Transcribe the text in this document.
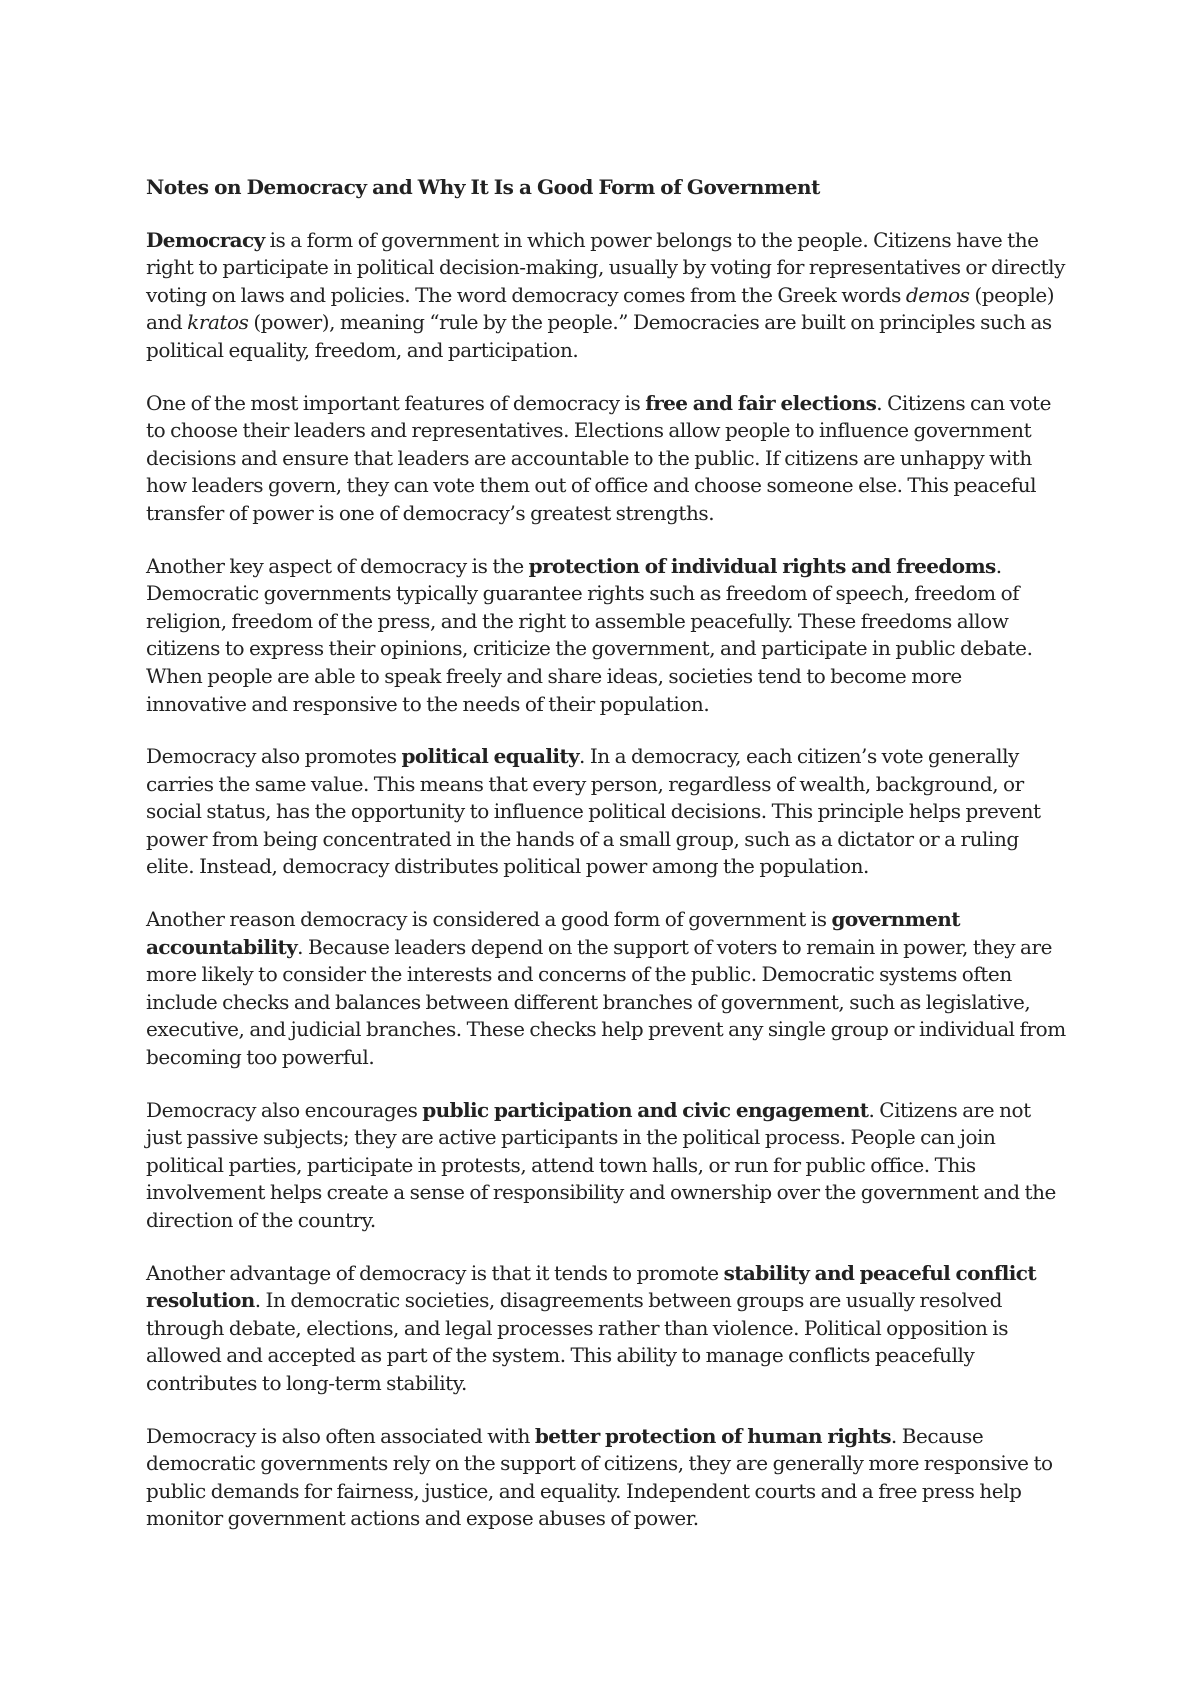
Notes on Democracy and Why It Is a Good Form of Government

Democracy is a form of government in which power belongs to the people. Citizens have the right to participate in political decision-making, usually by voting for representatives or directly voting on laws and policies. The word democracy comes from the Greek words demos (people) and kratos (power), meaning “rule by the people.” Democracies are built on principles such as political equality, freedom, and participation.

One of the most important features of democracy is free and fair elections. Citizens can vote to choose their leaders and representatives. Elections allow people to influence government decisions and ensure that leaders are accountable to the public. If citizens are unhappy with how leaders govern, they can vote them out of office and choose someone else. This peaceful transfer of power is one of democracy’s greatest strengths.

Another key aspect of democracy is the protection of individual rights and freedoms. Democratic governments typically guarantee rights such as freedom of speech, freedom of religion, freedom of the press, and the right to assemble peacefully. These freedoms allow citizens to express their opinions, criticize the government, and participate in public debate. When people are able to speak freely and share ideas, societies tend to become more innovative and responsive to the needs of their population.

Democracy also promotes political equality. In a democracy, each citizen’s vote generally carries the same value. This means that every person, regardless of wealth, background, or social status, has the opportunity to influence political decisions. This principle helps prevent power from being concentrated in the hands of a small group, such as a dictator or a ruling elite. Instead, democracy distributes political power among the population.

Another reason democracy is considered a good form of government is government accountability. Because leaders depend on the support of voters to remain in power, they are more likely to consider the interests and concerns of the public. Democratic systems often include checks and balances between different branches of government, such as legislative, executive, and judicial branches. These checks help prevent any single group or individual from becoming too powerful.

Democracy also encourages public participation and civic engagement. Citizens are not just passive subjects; they are active participants in the political process. People can join political parties, participate in protests, attend town halls, or run for public office. This involvement helps create a sense of responsibility and ownership over the government and the direction of the country.

Another advantage of democracy is that it tends to promote stability and peaceful conflict resolution. In democratic societies, disagreements between groups are usually resolved through debate, elections, and legal processes rather than violence. Political opposition is allowed and accepted as part of the system. This ability to manage conflicts peacefully contributes to long-term stability.

Democracy is also often associated with better protection of human rights. Because democratic governments rely on the support of citizens, they are generally more responsive to public demands for fairness, justice, and equality. Independent courts and a free press help monitor government actions and expose abuses of power.
